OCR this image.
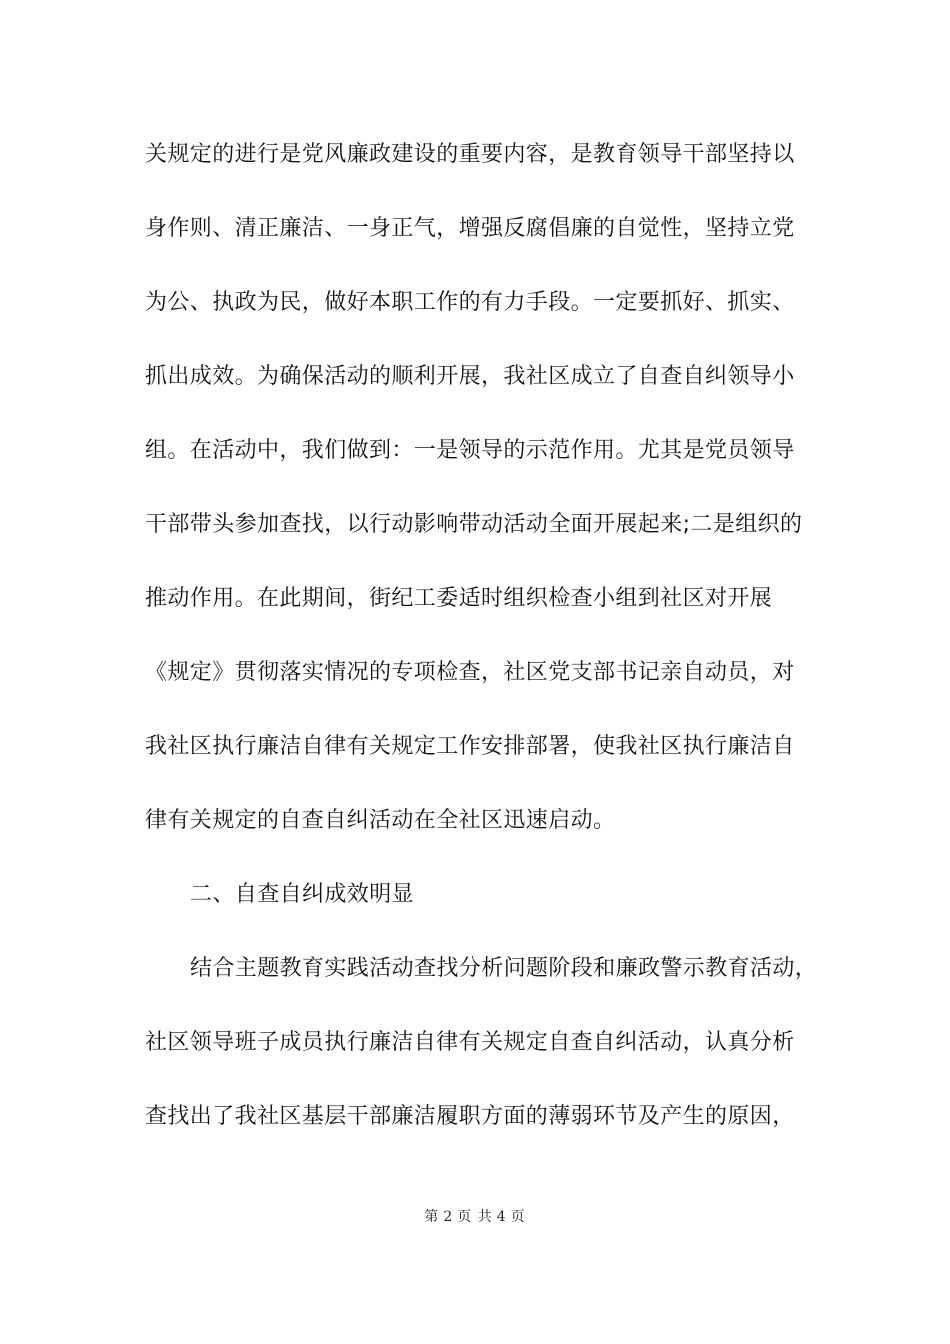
关规定的进行是党风廉政建设的重要内容，是教育领导干部坚持以
身作则、清正廉洁、一身正气，增强反腐倡廉的自觉性，坚持立党
为公、执政为民，做好本职工作的有力手段。一定要抓好、抓实、
抓出成效。为确保活动的顺利开展，我社区成立了自查自纠领导小
组。在活动中，我们做到：一是领导的示范作用。尤其是党员领导
干部带头参加查找，以行动影响带动活动全面开展起来;二是组织的
推动作用。在此期间，街纪工委适时组织检查小组到社区对开展
《规定》贯彻落实情况的专项检查，社区党支部书记亲自动员，对
我社区执行廉洁自律有关规定工作安排部署，使我社区执行廉洁自
律有关规定的自查自纠活动在全社区迅速启动。
二、自查自纠成效明显
结合主题教育实践活动查找分析问题阶段和廉政警示教育活动，
社区领导班子成员执行廉洁自律有关规定自查自纠活动，认真分析
查找出了我社区基层干部廉洁履职方面的薄弱环节及产生的原因，
第 2 页 共 4 页
